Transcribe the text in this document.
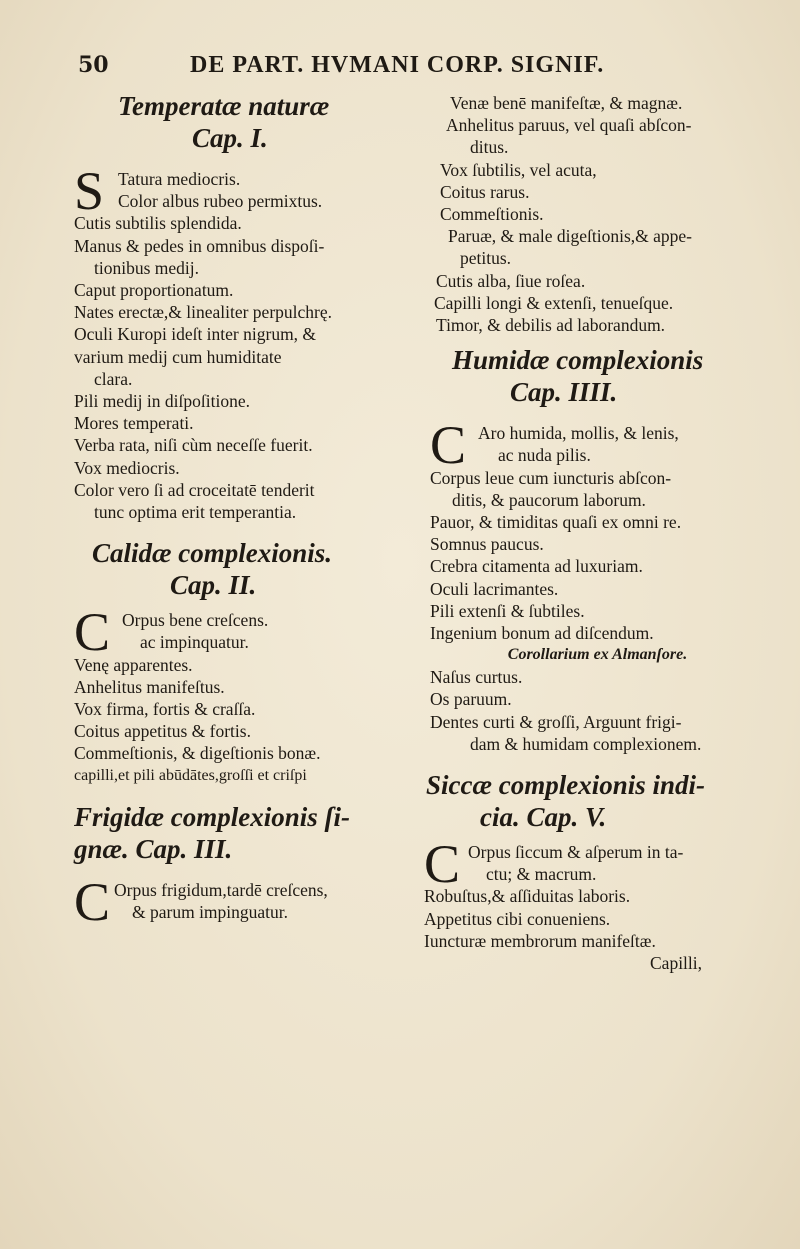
50	DE PART. HVMANI CORP. SIGNIF.
Temperatæ naturæ
Cap. I.
S Tatura mediocris.
Color albus rubeo permixtus.
Cutis subtilis splendida.
Manus & pedes in omnibus dispoſi-
tionibus medij.
Caput proportionatum.
Nates erectæ,& linealiter perpulchrę.
Oculi Kuropi ideſt inter nigrum, &
varium medij cum humiditate
clara.
Pili medij in diſpoſitione.
Mores temperati.
Verba rata, niſi cùm neceſſe fuerit.
Vox mediocris.
Color vero ſi ad croceitatē tenderit
tunc optima erit temperantia.
Calidæ complexionis.
Cap. II.
C Orpus bene creſcens.
ac impinquatur.
Venę apparentes.
Anhelitus manifeſtus.
Vox firma, fortis & craſſa.
Coitus appetitus & fortis.
Commeſtionis, & digeſtionis bonæ.
capilli,et pili abūdātes,groſſi et criſpi
Frigidæ complexionis ſi-
gnæ. Cap. III.
C Orpus frigidum,tardē creſcens,
& parum impinguatur.
Venæ benē manifeſtæ, & magnæ.
Anhelitus paruus, vel quaſi abſcon-
ditus.
Vox ſubtilis, vel acuta,
Coitus rarus.
Commeſtionis.
Paruæ, & male digeſtionis,& appe-
petitus.
Cutis alba, ſiue roſea.
Capilli longi & extenſi, tenueſque.
Timor, & debilis ad laborandum.
Humidæ complexionis
Cap. IIII.
C Aro humida, mollis, & lenis,
ac nuda pilis.
Corpus leue cum iuncturis abſcon-
ditis, & paucorum laborum.
Pauor, & timiditas quaſi ex omni re.
Somnus paucus.
Crebra citamenta ad luxuriam.
Oculi lacrimantes.
Pili extenſi & ſubtiles.
Ingenium bonum ad diſcendum.
Corollarium ex Almanſore.
Naſus curtus.
Os paruum.
Dentes curti & groſſi, Arguunt frigi-
dam & humidam complexionem.
Siccæ complexionis indi-
cia. Cap. V.
C Orpus ſiccum & aſperum in ta-
ctu; & macrum.
Robuſtus,& aſſiduitas laboris.
Appetitus cibi conueniens.
Iuncturæ membrorum manifeſtæ.
Capilli,
